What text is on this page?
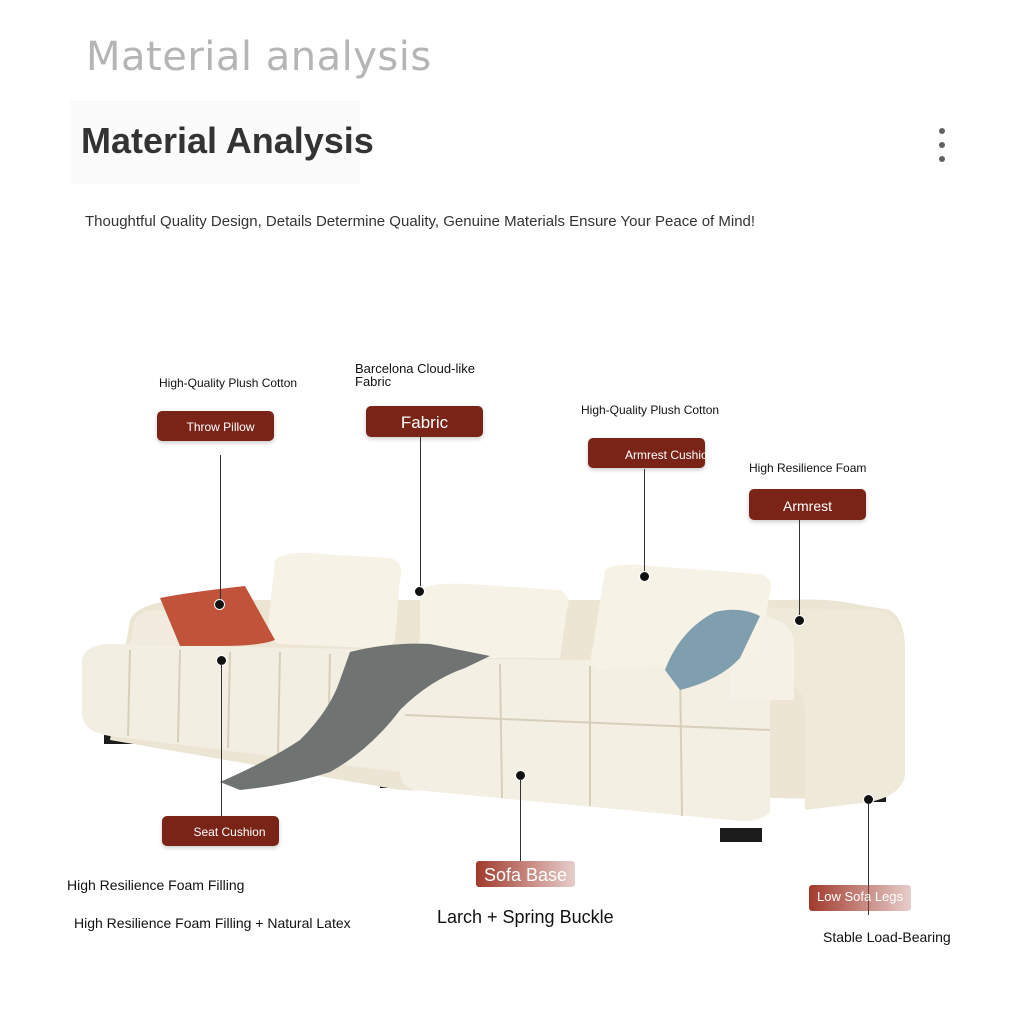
Material analysis
Material Analysis
Thoughtful Quality Design, Details Determine Quality, Genuine Materials Ensure Your Peace of Mind!
High-Quality Plush Cotton
Throw Pillow
Barcelona Cloud-like
Fabric
Fabric
High-Quality Plush Cotton
Armrest Cushion
High Resilience Foam
Armrest
Seat Cushion
High Resilience Foam Filling
High Resilience Foam Filling + Natural Latex
Sofa Base
Larch + Spring Buckle
Low Sofa Legs
Stable Load-Bearing
